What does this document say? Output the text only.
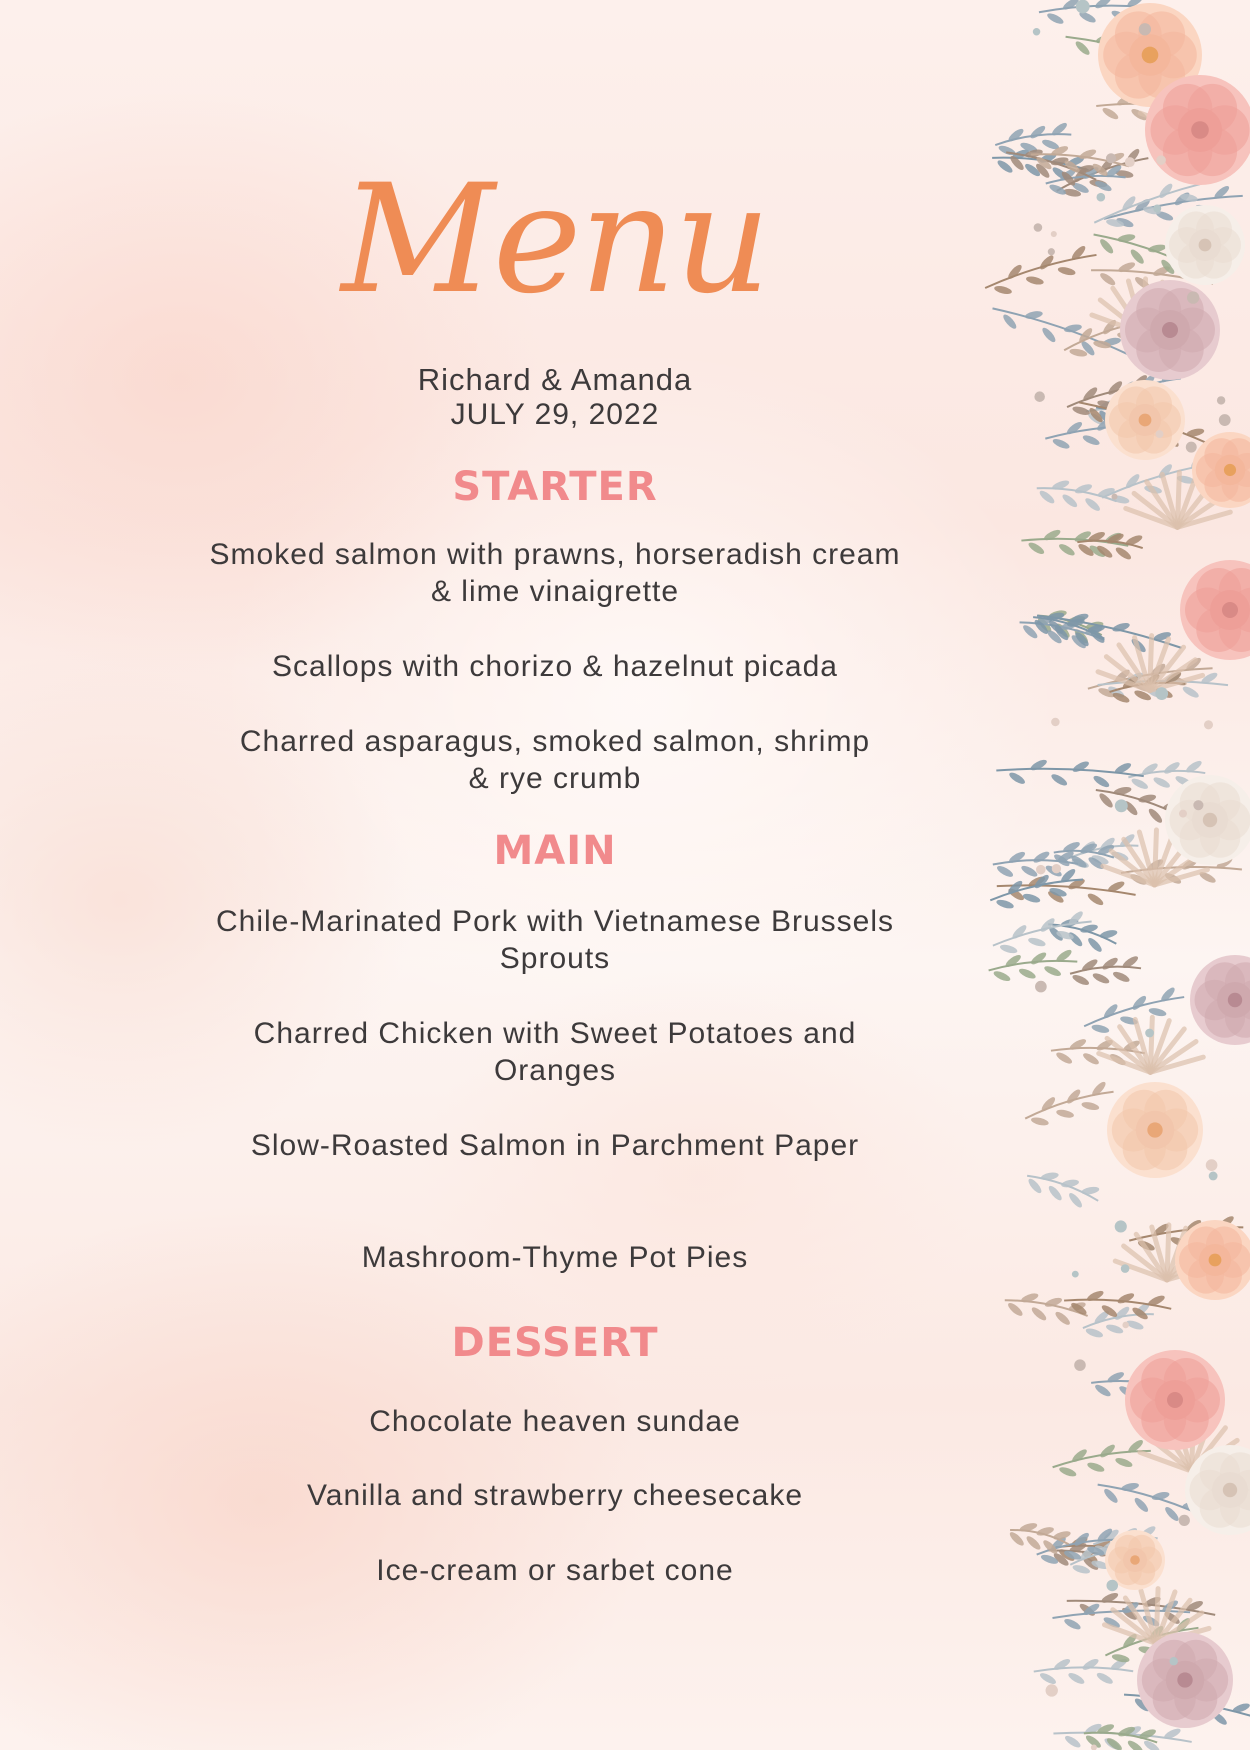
Menu
Richard & Amanda
JULY 29, 2022
STARTER
Smoked salmon with prawns, horseradish cream & lime vinaigrette
Scallops with chorizo & hazelnut picada
Charred asparagus, smoked salmon, shrimp & rye crumb
MAIN
Chile-Marinated Pork with Vietnamese Brussels Sprouts
Charred Chicken with Sweet Potatoes and Oranges
Slow-Roasted Salmon in Parchment Paper
Mashroom-Thyme Pot Pies
DESSERT
Chocolate heaven sundae
Vanilla and strawberry cheesecake
Ice-cream or sarbet cone
